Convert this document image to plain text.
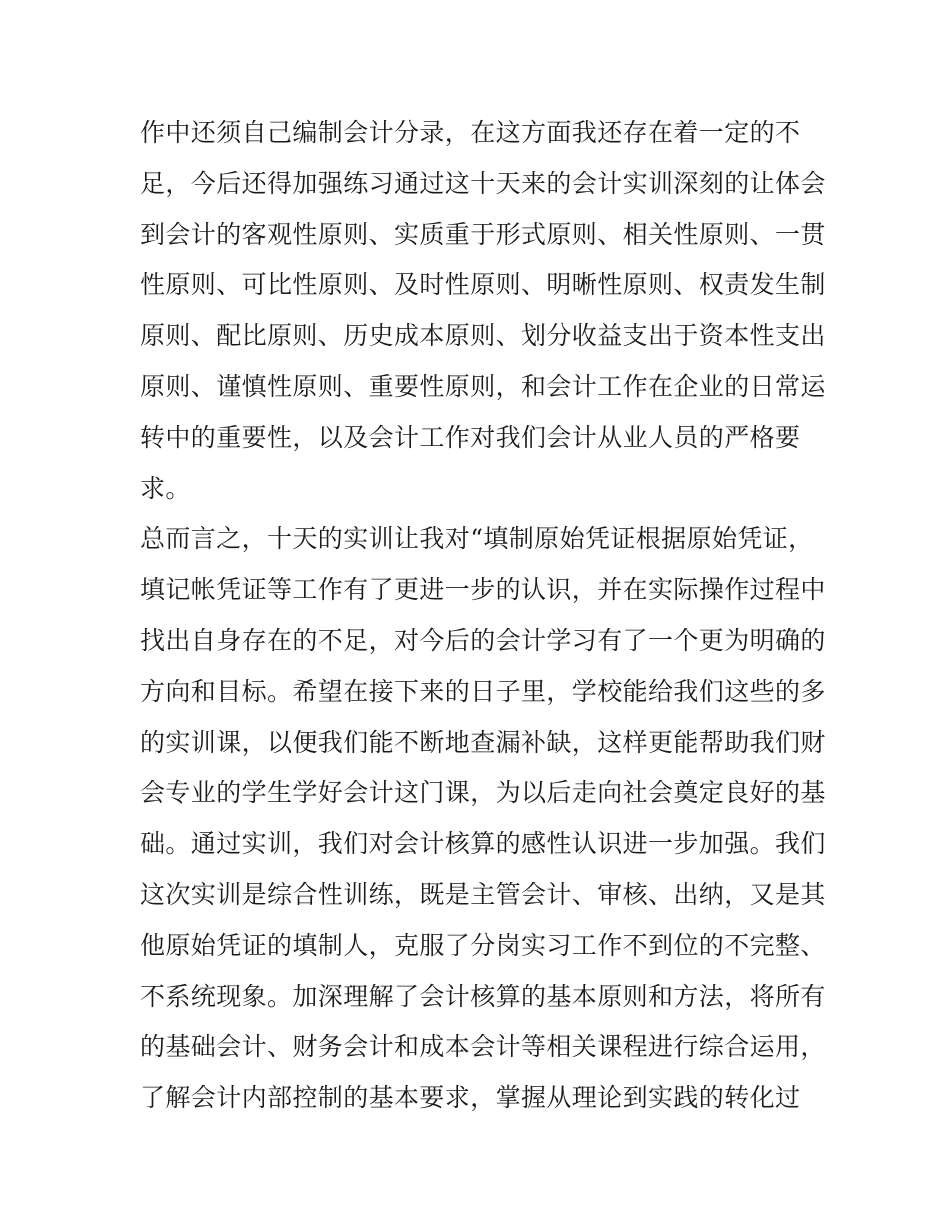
作中还须自己编制会计分录，在这方面我还存在着一定的不
足，今后还得加强练习通过这十天来的会计实训深刻的让体会
到会计的客观性原则、实质重于形式原则、相关性原则、一贯
性原则、可比性原则、及时性原则、明晰性原则、权责发生制
原则、配比原则、历史成本原则、划分收益支出于资本性支出
原则、谨慎性原则、重要性原则，和会计工作在企业的日常运
转中的重要性，以及会计工作对我们会计从业人员的严格要
求。
总而言之，十天的实训让我对“填制原始凭证根据原始凭证，
填记帐凭证等工作有了更进一步的认识，并在实际操作过程中
找出自身存在的不足，对今后的会计学习有了一个更为明确的
方向和目标。希望在接下来的日子里，学校能给我们这些的多
的实训课，以便我们能不断地查漏补缺，这样更能帮助我们财
会专业的学生学好会计这门课，为以后走向社会奠定良好的基
础。通过实训，我们对会计核算的感性认识进一步加强。我们
这次实训是综合性训练，既是主管会计、审核、出纳，又是其
他原始凭证的填制人，克服了分岗实习工作不到位的不完整、
不系统现象。加深理解了会计核算的基本原则和方法，将所有
的基础会计、财务会计和成本会计等相关课程进行综合运用，
了解会计内部控制的基本要求，掌握从理论到实践的转化过
